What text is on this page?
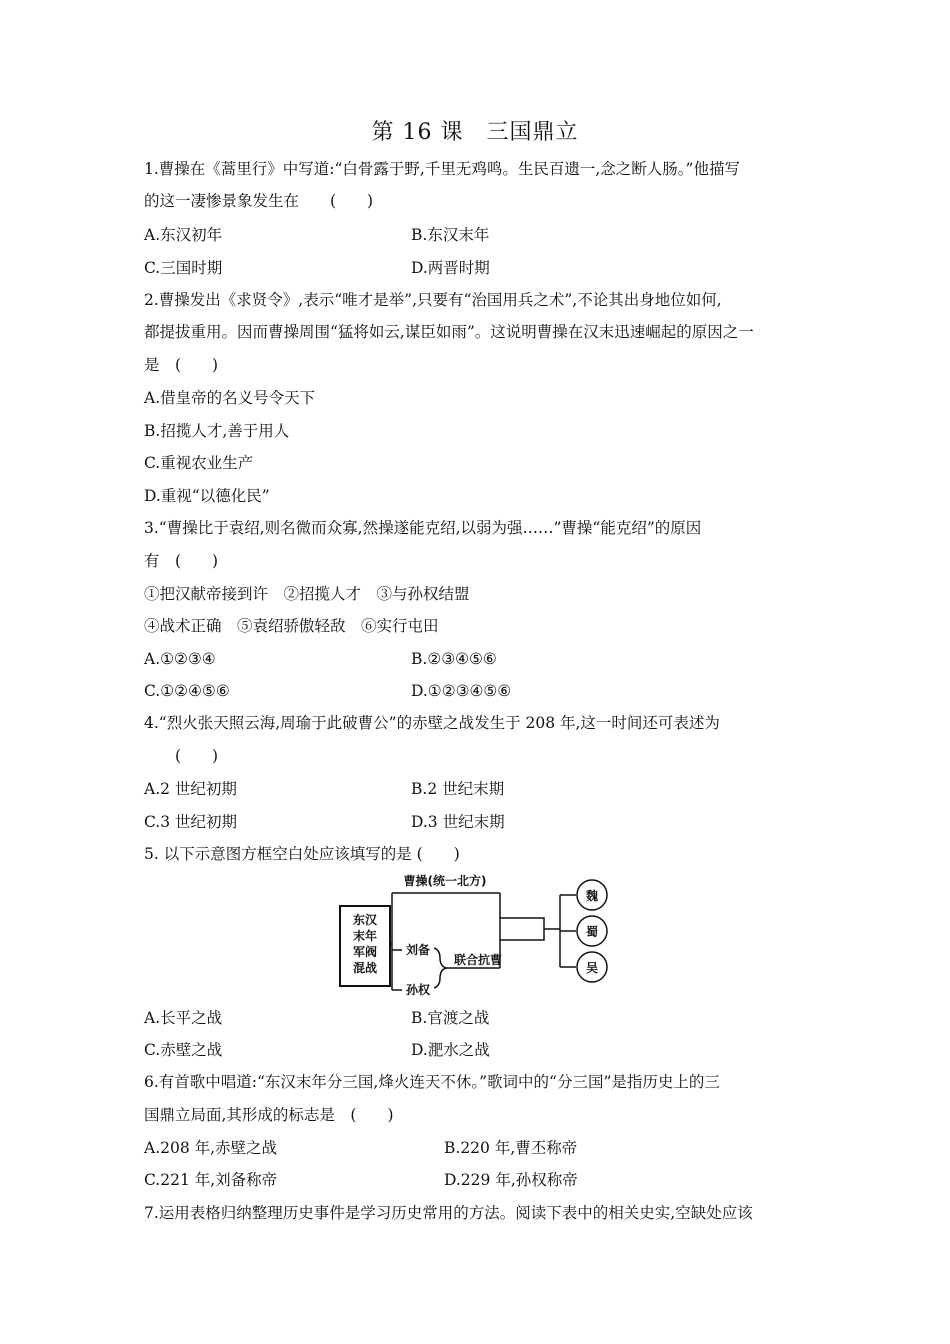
第 16 课　三国鼎立
1.曹操在《蒿里行》中写道:“白骨露于野,千里无鸡鸣。生民百遗一,念之断人肠。”他描写
的这一凄惨景象发生在　　(　　)
A.东汉初年	B.东汉末年
C.三国时期	D.两晋时期
2.曹操发出《求贤令》,表示“唯才是举”,只要有“治国用兵之术”,不论其出身地位如何,
都提拔重用。因而曹操周围“猛将如云,谋臣如雨”。这说明曹操在汉末迅速崛起的原因之一
是　(　　)
A.借皇帝的名义号令天下
B.招揽人才,善于用人
C.重视农业生产
D.重视“以德化民”
3.“曹操比于袁绍,则名微而众寡,然操遂能克绍,以弱为强……”曹操“能克绍”的原因
有　(　　)
①把汉献帝接到许　②招揽人才　③与孙权结盟
④战术正确　⑤袁绍骄傲轻敌　⑥实行屯田
A.①②③④	B.②③④⑤⑥
C.①②④⑤⑥	D.①②③④⑤⑥
4.“烈火张天照云海,周瑜于此破曹公”的赤壁之战发生于 208 年,这一时间还可表述为
　　(　　)
A.2 世纪初期	B.2 世纪末期
C.3 世纪初期	D.3 世纪末期
5. 以下示意图方框空白处应该填写的是 (　　)
东汉
末年
军阀
混战
曹操(统一北方)
刘备
孙权
联合抗曹
魏
蜀
吴
A.长平之战	B.官渡之战
C.赤壁之战	D.淝水之战
6.有首歌中唱道:“东汉末年分三国,烽火连天不休。”歌词中的“分三国”是指历史上的三
国鼎立局面,其形成的标志是　(　　)
A.208 年,赤壁之战	B.220 年,曹丕称帝
C.221 年,刘备称帝	D.229 年,孙权称帝
7.运用表格归纳整理历史事件是学习历史常用的方法。阅读下表中的相关史实,空缺处应该
